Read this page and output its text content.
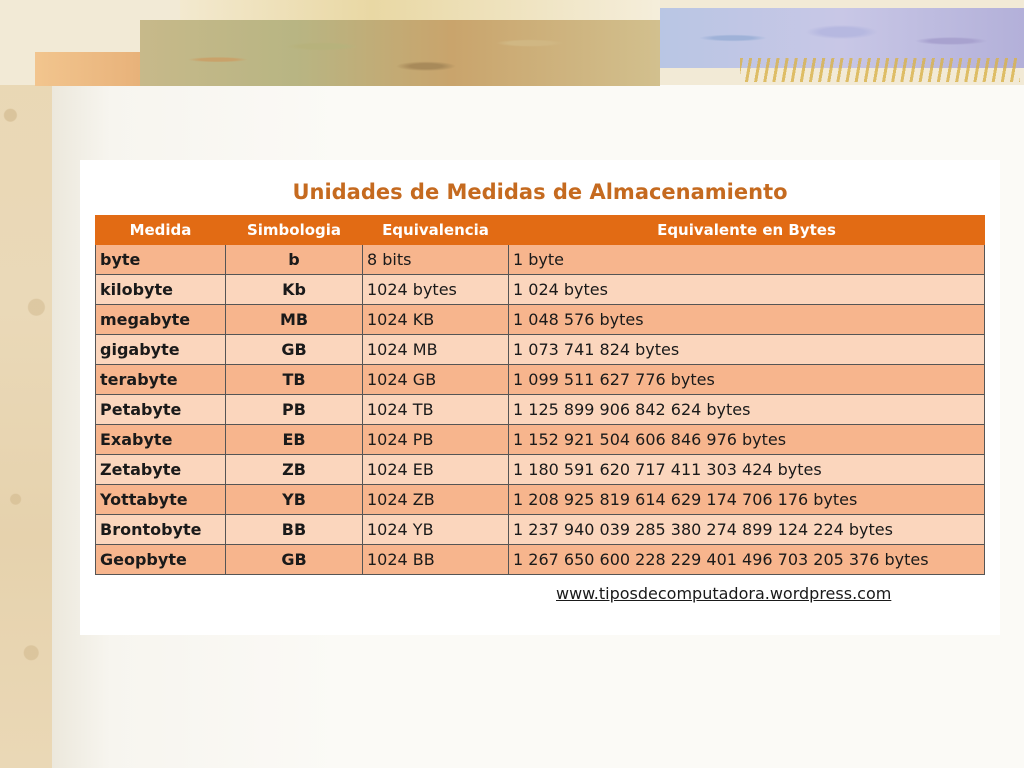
Unidades de Medidas de Almacenamiento
Medida	Simbologia	Equivalencia	Equivalente en Bytes
byte	b	8 bits	1 byte
kilobyte	Kb	1024 bytes	1 024 bytes
megabyte	MB	1024 KB	1 048 576 bytes
gigabyte	GB	1024 MB	1 073 741 824 bytes
terabyte	TB	1024 GB	1 099 511 627 776 bytes
Petabyte	PB	1024 TB	1 125 899 906 842 624 bytes
Exabyte	EB	1024 PB	1 152 921 504 606 846 976 bytes
Zetabyte	ZB	1024 EB	1 180 591 620 717 411 303 424 bytes
Yottabyte	YB	1024 ZB	1 208 925 819 614 629 174 706 176 bytes
Brontobyte	BB	1024 YB	1 237 940 039 285 380 274 899 124 224 bytes
Geopbyte	GB	1024 BB	1 267 650 600 228 229 401 496 703 205 376 bytes
www.tiposdecomputadora.wordpress.com
